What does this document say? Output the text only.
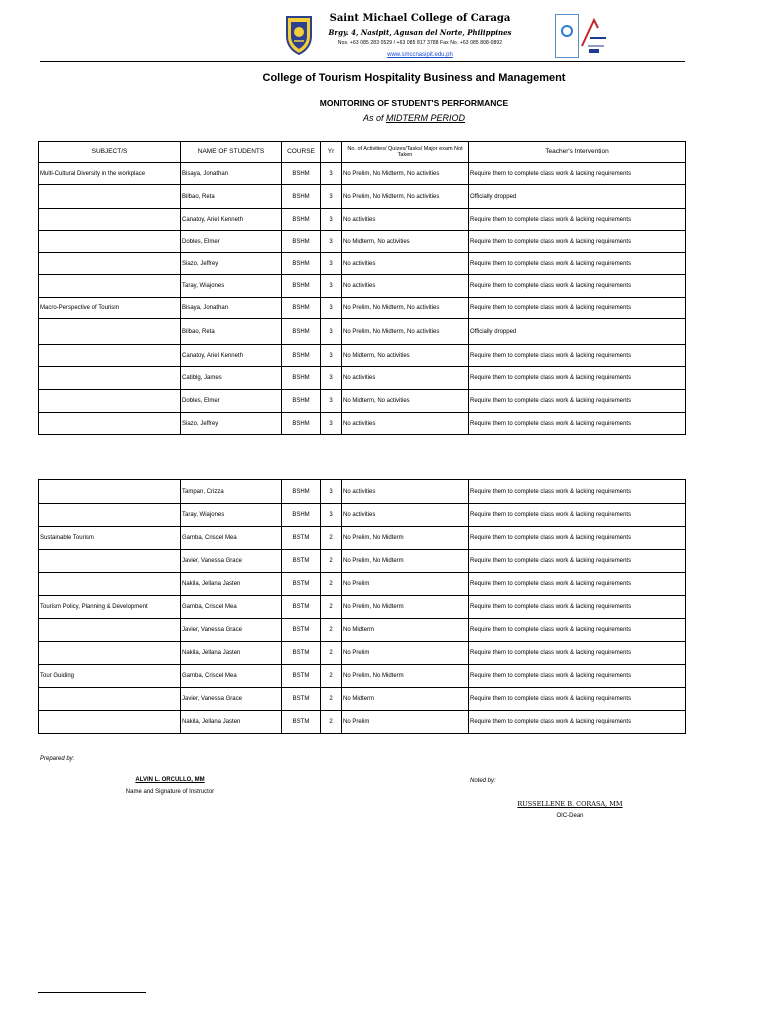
Saint Michael College of Caraga
Brgy. 4, Nasipit, Agusan del Norte, Philippines
Nos. +63 085 283 0529 / +63 085 817 3788 Fax No. +63 085 808-0892
www.smccnasipit.edu.ph
College of Tourism Hospitality Business and Management
MONITORING OF STUDENT'S PERFORMANCE
As of MIDTERM PERIOD
SUBJECT/S	NAME OF STUDENTS	COURSE	Yr	No. of Activities/ Quizes/Tasks/ Major exam Not Taken	Teacher's Intervention
Multi-Cultural Diversity in the workplace	Bisaya, Jonathan	BSHM	3	No Prelim, No Midterm, No activities	Require them to complete class work & lacking requirements
	Bilbao, Reta	BSHM	3	No Prelim, No Midterm, No activities	Officially dropped
	Canatoy, Ariel Kenneth	BSHM	3	No activities	Require them to complete class work & lacking requirements
	Dobles, Elmer	BSHM	3	No Midterm, No activities	Require them to complete class work & lacking requirements
	Siazo, Jeffrey	BSHM	3	No activities	Require them to complete class work & lacking requirements
	Taray, Wiajones	BSHM	3	No activities	Require them to complete class work & lacking requirements
Macro-Perspective of Tourism	Bisaya, Jonathan	BSHM	3	No Prelim, No Midterm, No activities	Require them to complete class work & lacking requirements
	Bilbao, Reta	BSHM	3	No Prelim, No Midterm, No activities	Officially dropped
	Canatoy, Ariel Kenneth	BSHM	3	No Midterm, No activities	Require them to complete class work & lacking requirements
	Catiblg, James	BSHM	3	No activities	Require them to complete class work & lacking requirements
	Dobles, Elmer	BSHM	3	No Midterm, No activities	Require them to complete class work & lacking requirements
	Siazo, Jeffrey	BSHM	3	No activities	Require them to complete class work & lacking requirements
	Tampan, Crizza	BSHM	3	No activities	Require them to complete class work & lacking requirements
	Taray, Wiajones	BSHM	3	No activities	Require them to complete class work & lacking requirements
Sustainable Tourism	Gamba, Criscel Mea	BSTM	2	No Prelim, No Midterm	Require them to complete class work & lacking requirements
	Javier, Vanessa Grace	BSTM	2	No Prelim, No Midterm	Require them to complete class work & lacking requirements
	Nakila, Jellana Jasten	BSTM	2	No Prelim	Require them to complete class work & lacking requirements
Tourism Policy, Planning & Development	Gamba, Criscel Mea	BSTM	2	No Prelim, No Midterm	Require them to complete class work & lacking requirements
	Javier, Vanessa Grace	BSTM	2	No Midterm	Require them to complete class work & lacking requirements
	Nakila, Jellana Jasten	BSTM	2	No Prelim	Require them to complete class work & lacking requirements
Tour Guiding	Gamba, Criscel Mea	BSTM	2	No Prelim, No Midterm	Require them to complete class work & lacking requirements
	Javier, Vanessa Grace	BSTM	2	No Midterm	Require them to complete class work & lacking requirements
	Nakila, Jellana Jasten	BSTM	2	No Prelim	Require them to complete class work & lacking requirements
Prepared by:
ALVIN L. ORCULLO, MM
Name and Signature of Instructor
Noted by:
RUSSELLENE B. CORASA, MM
OIC-Dean
